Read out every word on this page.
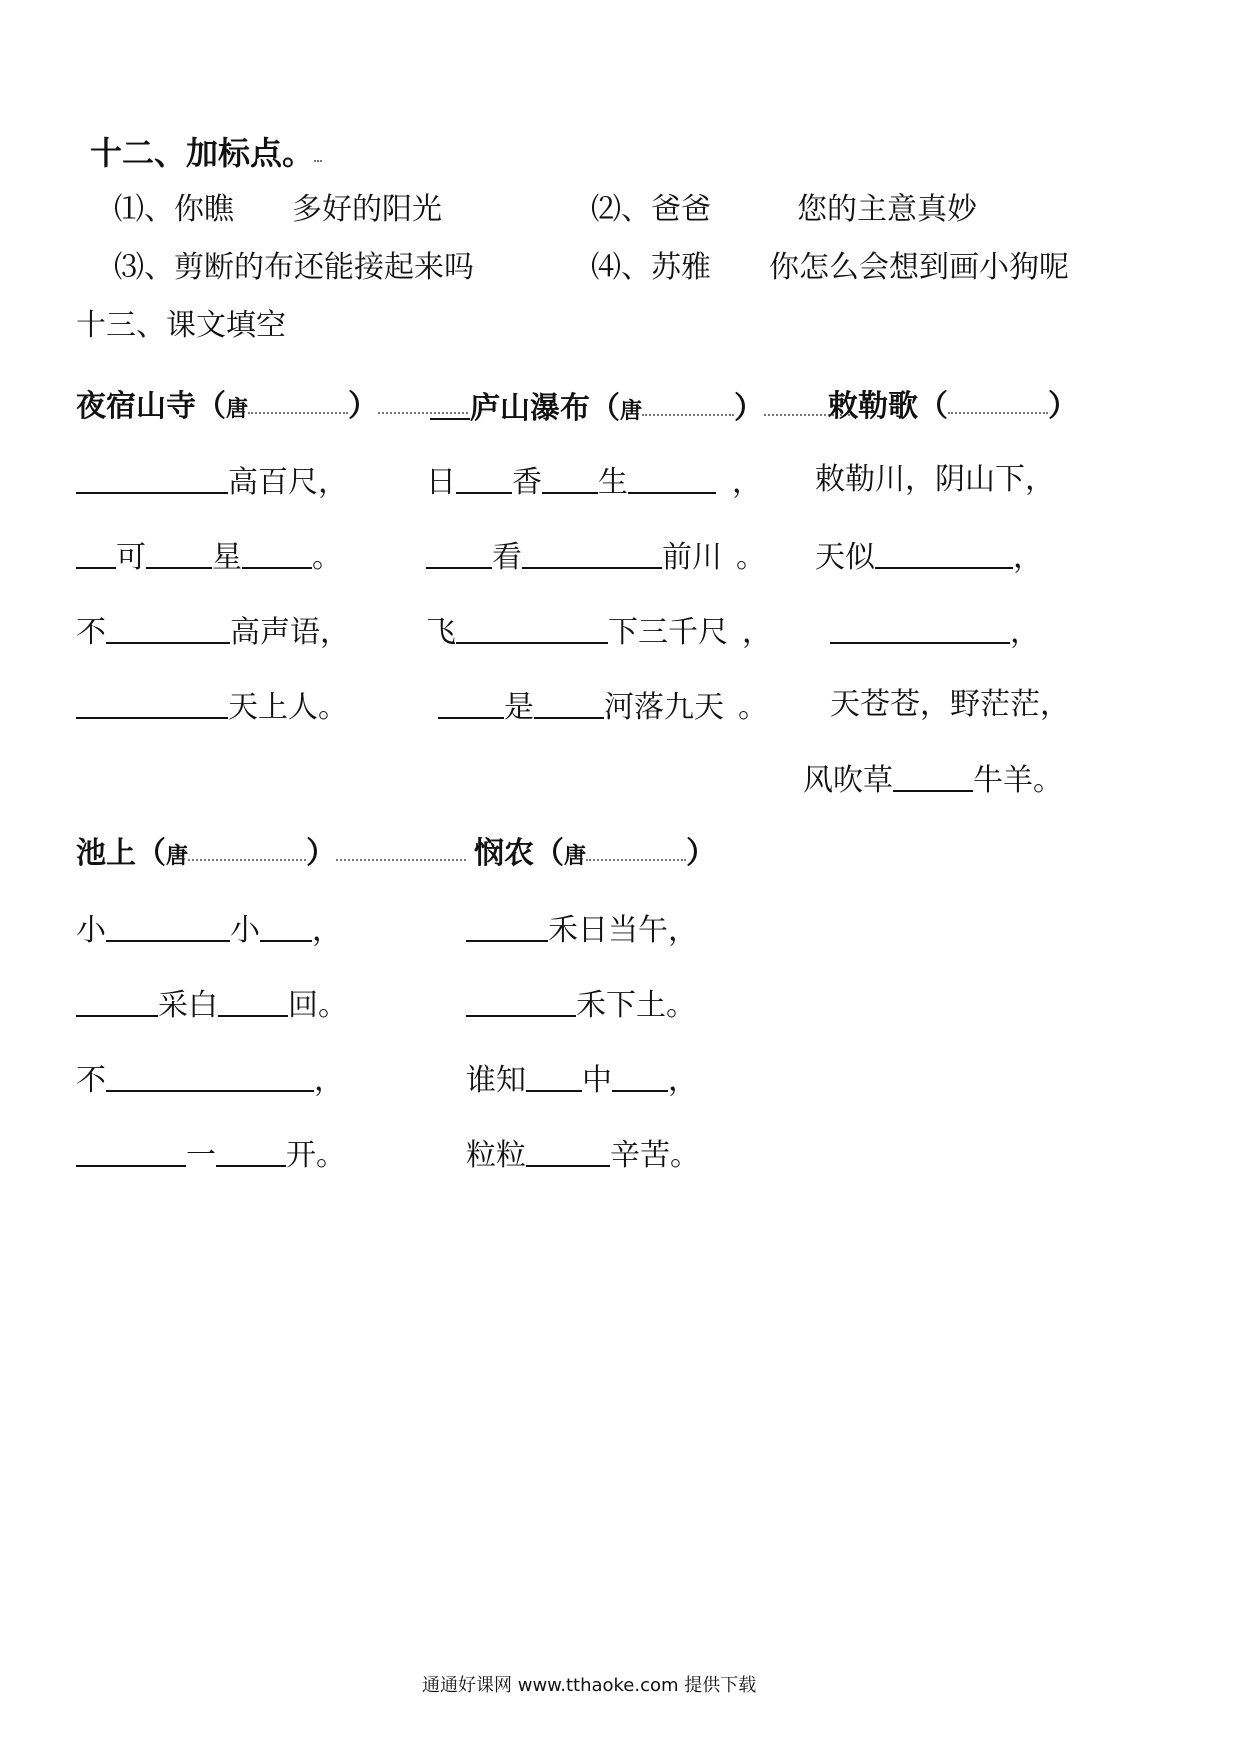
十二、加标点。
⑴、你瞧 多好的阳光	⑵、爸爸	您的主意真妙
⑶、剪断的布还能接起来吗	⑷、苏雅 你怎么会想到画小狗呢
十三、课文填空
夜宿山寺（唐	）	庐山瀑布（唐	）	敕勒歌（	）
高百尺，
可 星 。
不	高声语，
天上人。
日 香 生	，
看	前川 。
飞	下三千尺 ，
是 河落九天 。
敕勒川，阴山下，
天似	，
，
天苍苍，野茫茫，
风吹草	牛羊。
池上（唐	）	悯农（唐	）
小	小 ，
采白 回。
不	，
一 开。
禾日当午，
禾下土。
谁知 中 ，
粒粒	辛苦。
通通好课网 www.tthaoke.com 提供下载
